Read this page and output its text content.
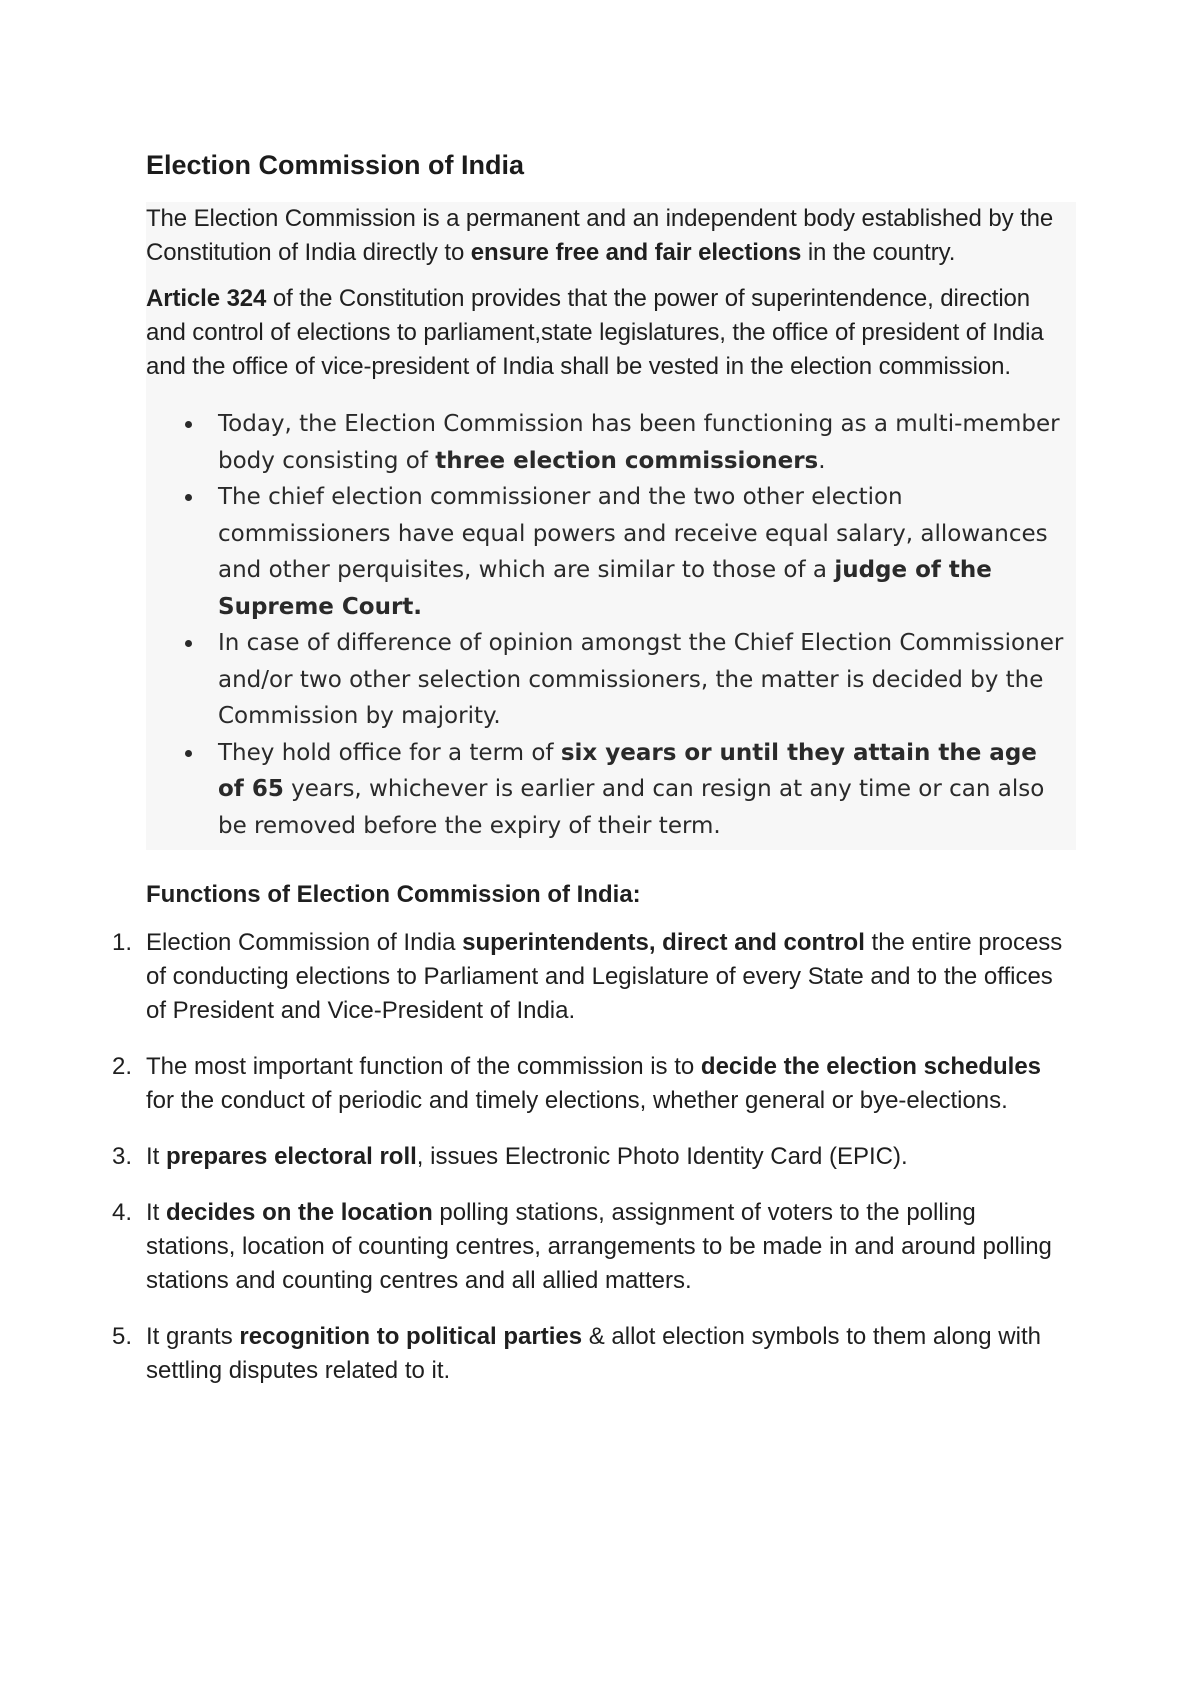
Election Commission of India

The Election Commission is a permanent and an independent body established by the Constitution of India directly to ensure free and fair elections in the country.

Article 324 of the Constitution provides that the power of superintendence, direction and control of elections to parliament,state legislatures, the office of president of India and the office of vice-president of India shall be vested in the election commission.

Today, the Election Commission has been functioning as a multi-member body consisting of three election commissioners.
The chief election commissioner and the two other election commissioners have equal powers and receive equal salary, allowances and other perquisites, which are similar to those of a judge of the Supreme Court.
In case of difference of opinion amongst the Chief Election Commissioner and/or two other selection commissioners, the matter is decided by the Commission by majority.
They hold office for a term of six years or until they attain the age of 65 years, whichever is earlier and can resign at any time or can also be removed before the expiry of their term.

Functions of Election Commission of India:

1. Election Commission of India superintendents, direct and control the entire process of conducting elections to Parliament and Legislature of every State and to the offices of President and Vice-President of India.
2. The most important function of the commission is to decide the election schedules for the conduct of periodic and timely elections, whether general or bye-elections.
3. It prepares electoral roll, issues Electronic Photo Identity Card (EPIC).
4. It decides on the location polling stations, assignment of voters to the polling stations, location of counting centres, arrangements to be made in and around polling stations and counting centres and all allied matters.
5. It grants recognition to political parties & allot election symbols to them along with settling disputes related to it.
